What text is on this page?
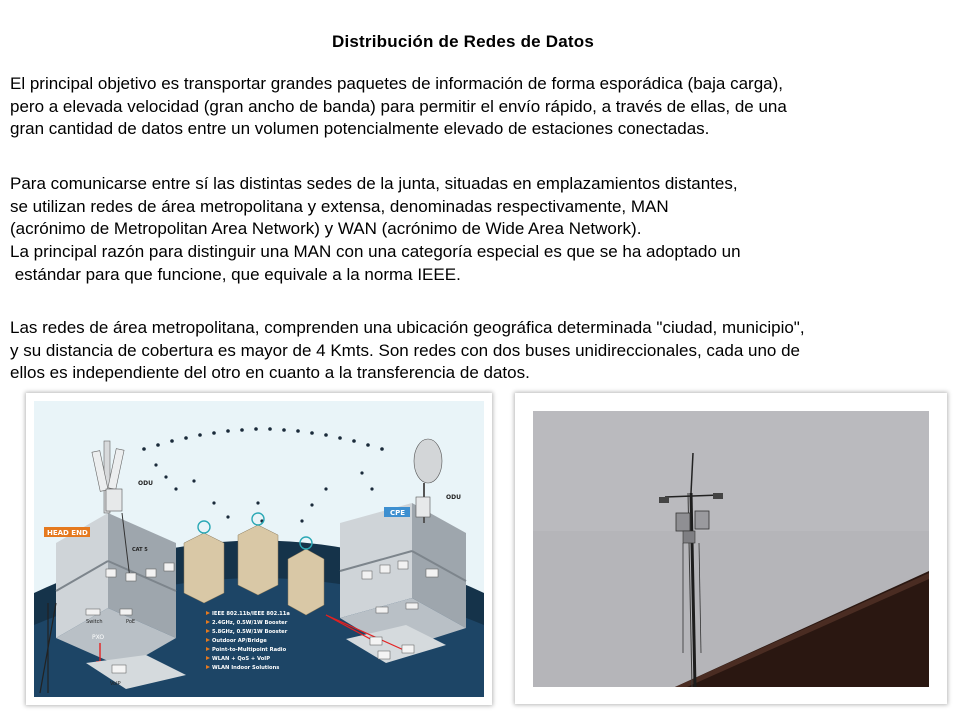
Distribución de Redes de Datos
El principal objetivo es transportar grandes paquetes de información de forma esporádica (baja carga),
pero a elevada velocidad (gran ancho de banda) para permitir el envío rápido, a través de ellas, de una
gran cantidad de datos entre un volumen potencialmente elevado de estaciones conectadas.
Para comunicarse entre sí las distintas sedes de la junta, situadas en emplazamientos distantes,
se utilizan redes de área metropolitana y extensa, denominadas respectivamente, MAN
(acrónimo de Metropolitan Area Network) y WAN (acrónimo de Wide Area Network).
La principal razón para distinguir una MAN con una categoría especial es que se ha adoptado un
estándar para que funcione, que equivale a la norma IEEE.
Las redes de área metropolitana, comprenden una ubicación geográfica determinada "ciudad, municipio",
y su distancia de cobertura es mayor de 4 Kmts. Son redes con dos buses unidireccionales, cada uno de
ellos es independiente del otro en cuanto a la transferencia de datos.
HEAD END
ODU
CAT 5
Switch	PoE
PXO
VoIP
CPE
ODU
IEEE 802.11b/IEEE 802.11a
2.4GHz, 0.5W/1W Booster
5.8GHz, 0.5W/1W Booster
Outdoor AP/Bridge
Point-to-Multipoint Radio
WLAN + QoS + VoIP
WLAN Indoor Solutions
